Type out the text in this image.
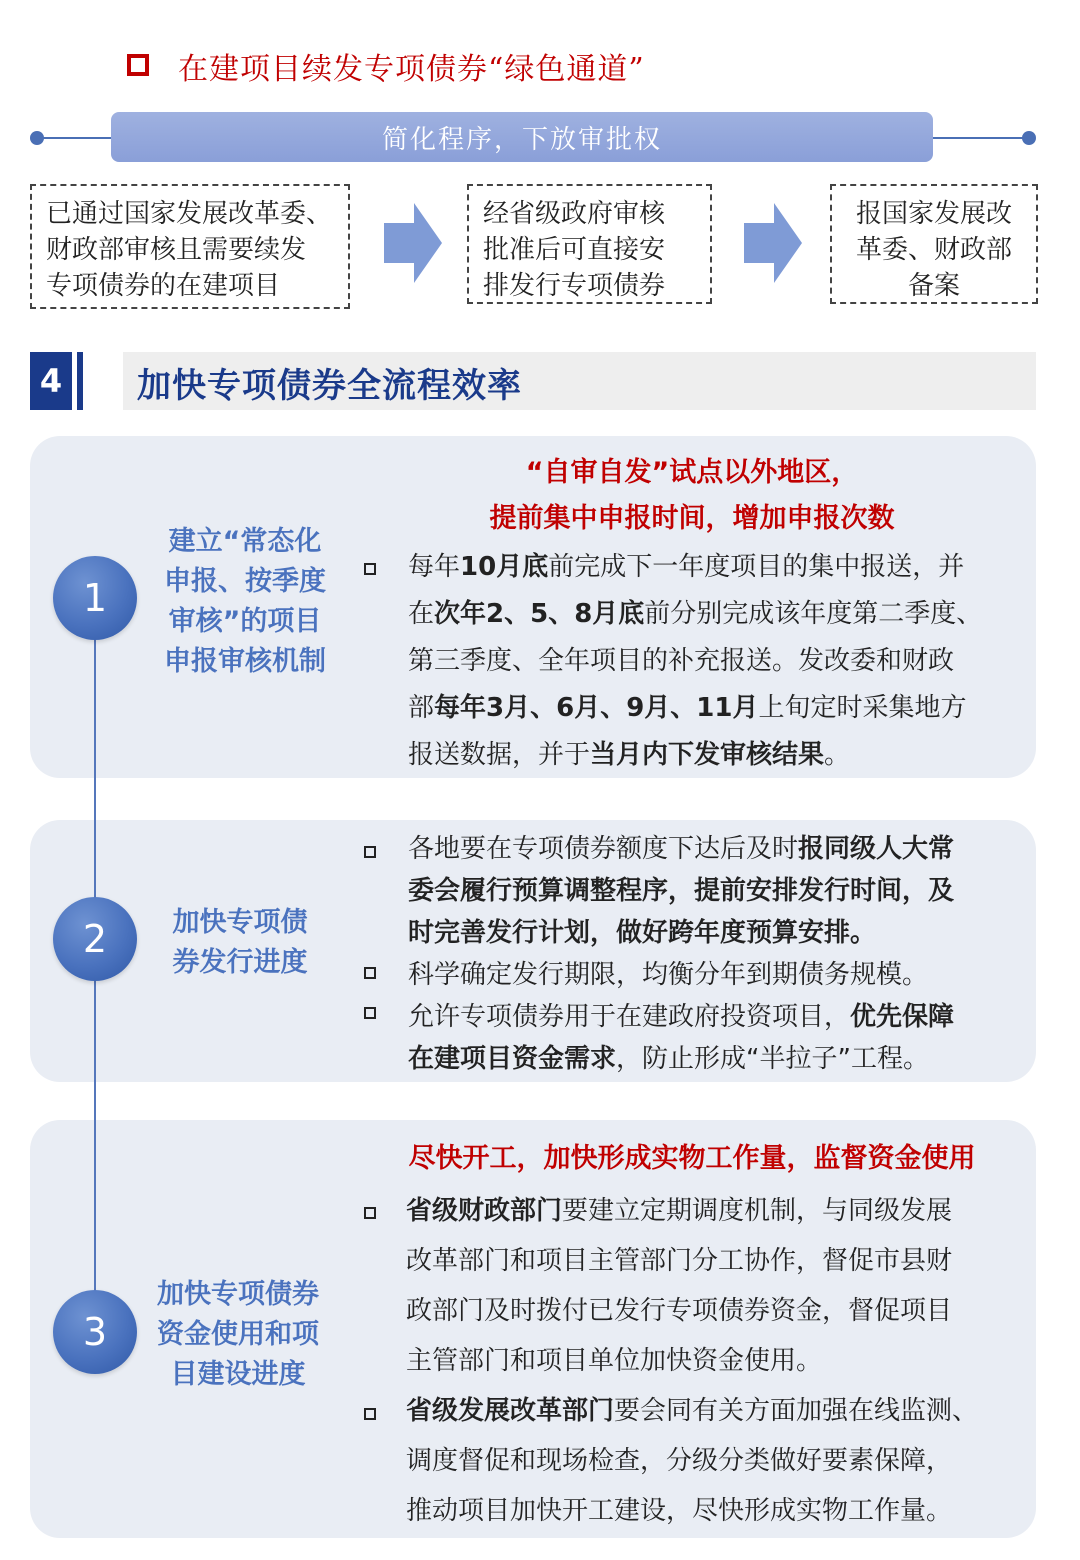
在建项目续发专项债券“绿色通道”
简化程序，下放审批权
已通过国家发展改革委、
财政部审核且需要续发
专项债券的在建项目
经省级政府审核
批准后可直接安
排发行专项债券
报国家发展改
革委、财政部
备案
4 加快专项债券全流程效率
1
建立“常态化
申报、按季度
审核”的项目
申报审核机制
“自审自发”试点以外地区，
提前集中申报时间，增加申报次数
每年10月底前完成下一年度项目的集中报送，并
在次年2、5、8月底前分别完成该年度第二季度、
第三季度、全年项目的补充报送。发改委和财政
部每年3月、6月、9月、11月上旬定时采集地方
报送数据，并于当月内下发审核结果。
2	加快专项债
券发行进度
各地要在专项债券额度下达后及时报同级人大常
委会履行预算调整程序，提前安排发行时间，及
时完善发行计划，做好跨年度预算安排。
科学确定发行期限，均衡分年到期债务规模。
允许专项债券用于在建政府投资项目，优先保障
在建项目资金需求，防止形成“半拉子”工程。
3
加快专项债券
资金使用和项
目建设进度
尽快开工，加快形成实物工作量，监督资金使用
省级财政部门要建立定期调度机制，与同级发展
改革部门和项目主管部门分工协作，督促市县财
政部门及时拨付已发行专项债券资金，督促项目
主管部门和项目单位加快资金使用。
省级发展改革部门要会同有关方面加强在线监测、
调度督促和现场检查，分级分类做好要素保障，
推动项目加快开工建设，尽快形成实物工作量。
